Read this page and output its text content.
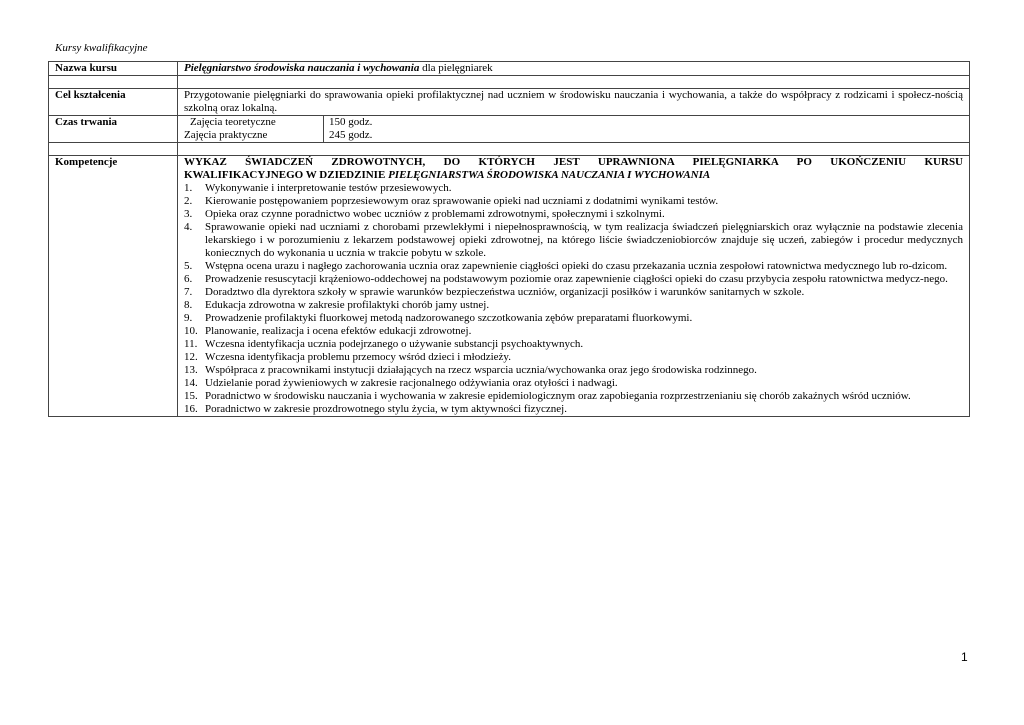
Kursy kwalifikacyjne
Nazwa kursu	Pielęgniarstwo środowiska nauczania i wychowania dla pielęgniarek

Cel kształcenia	Przygotowanie pielęgniarki do sprawowania opieki profilaktycznej nad uczniem w środowisku nauczania i wychowania, a także do współpracy z rodzicami i społecz-nością szkolną oraz lokalną.
Czas trwania		Zajęcia teoretyczne	150 godz.
Zajęcia praktyczne	245 godz.

Kompetencje	WYKAZ ŚWIADCZEŃ ZDROWOTNYCH, DO KTÓRYCH JEST UPRAWNIONA PIELĘGNIARKA PO UKOŃCZENIU KURSU
KWALIFIKACYJNEGO W DZIEDZINIE PIELĘGNIARSTWA ŚRODOWISKA NAUCZANIA I WYCHOWANIA
1.	Wykonywanie i interpretowanie testów przesiewowych.
2.	Kierowanie postępowaniem poprzesiewowym oraz sprawowanie opieki nad uczniami z dodatnimi wynikami testów.
3.	Opieka oraz czynne poradnictwo wobec uczniów z problemami zdrowotnymi, społecznymi i szkolnymi.
4.	Sprawowanie opieki nad uczniami z chorobami przewlekłymi i niepełnosprawnością, w tym realizacja świadczeń pielęgniarskich oraz wyłącznie na podstawie zlecenia lekarskiego i w porozumieniu z lekarzem podstawowej opieki zdrowotnej, na którego liście świadczeniobiorców znajduje się uczeń, zabiegów i procedur medycznych koniecznych do wykonania u ucznia w trakcie pobytu w szkole.
5.	Wstępna ocena urazu i nagłego zachorowania ucznia oraz zapewnienie ciągłości opieki do czasu przekazania ucznia zespołowi ratownictwa medycznego lub ro-dzicom.
6.	Prowadzenie resuscytacji krążeniowo-oddechowej na podstawowym poziomie oraz zapewnienie ciągłości opieki do czasu przybycia zespołu ratownictwa medycz-nego.
7.	Doradztwo dla dyrektora szkoły w sprawie warunków bezpieczeństwa uczniów, organizacji posiłków i warunków sanitarnych w szkole.
8.	Edukacja zdrowotna w zakresie profilaktyki chorób jamy ustnej.
9.	Prowadzenie profilaktyki fluorkowej metodą nadzorowanego szczotkowania zębów preparatami fluorkowymi.
10. Planowanie, realizacja i ocena efektów edukacji zdrowotnej.
11. Wczesna identyfikacja ucznia podejrzanego o używanie substancji psychoaktywnych.
12. Wczesna identyfikacja problemu przemocy wśród dzieci i młodzieży.
13. Współpraca z pracownikami instytucji działających na rzecz wsparcia ucznia/wychowanka oraz jego środowiska rodzinnego.
14. Udzielanie porad żywieniowych w zakresie racjonalnego odżywiania oraz otyłości i nadwagi.
15. Poradnictwo w środowisku nauczania i wychowania w zakresie epidemiologicznym oraz zapobiegania rozprzestrzenianiu się chorób zakaźnych wśród uczniów.
16. Poradnictwo w zakresie prozdrowotnego stylu życia, w tym aktywności fizycznej.
1
